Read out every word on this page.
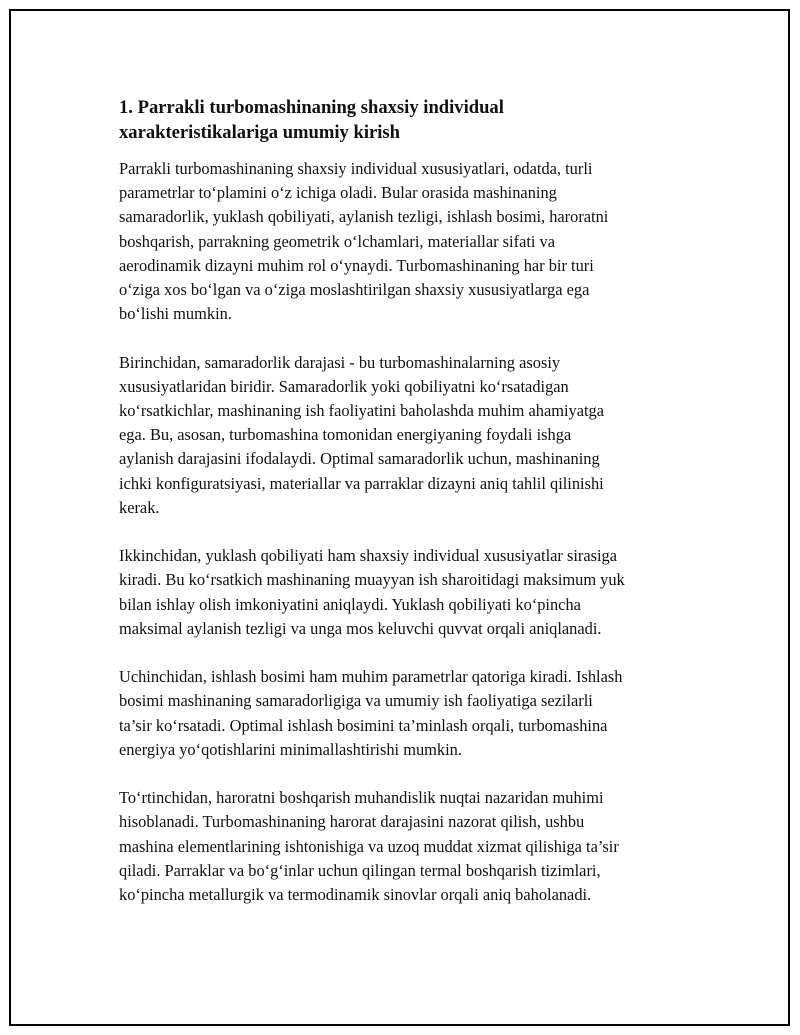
1. Parrakli turbomashinaning shaxsiy individual
xarakteristikalariga umumiy kirish

Parrakli turbomashinaning shaxsiy individual xususiyatlari, odatda, turli
parametrlar to‘plamini o‘z ichiga oladi. Bular orasida mashinaning
samaradorlik, yuklash qobiliyati, aylanish tezligi, ishlash bosimi, haroratni
boshqarish, parrakning geometrik o‘lchamlari, materiallar sifati va
aerodinamik dizayni muhim rol o‘ynaydi. Turbomashinaning har bir turi
o‘ziga xos bo‘lgan va o‘ziga moslashtirilgan shaxsiy xususiyatlarga ega
bo‘lishi mumkin.

Birinchidan, samaradorlik darajasi - bu turbomashinalarning asosiy
xususiyatlaridan biridir. Samaradorlik yoki qobiliyatni ko‘rsatadigan
ko‘rsatkichlar, mashinaning ish faoliyatini baholashda muhim ahamiyatga
ega. Bu, asosan, turbomashina tomonidan energiyaning foydali ishga
aylanish darajasini ifodalaydi. Optimal samaradorlik uchun, mashinaning
ichki konfiguratsiyasi, materiallar va parraklar dizayni aniq tahlil qilinishi
kerak.

Ikkinchidan, yuklash qobiliyati ham shaxsiy individual xususiyatlar sirasiga
kiradi. Bu ko‘rsatkich mashinaning muayyan ish sharoitidagi maksimum yuk
bilan ishlay olish imkoniyatini aniqlaydi. Yuklash qobiliyati ko‘pincha
maksimal aylanish tezligi va unga mos keluvchi quvvat orqali aniqlanadi.

Uchinchidan, ishlash bosimi ham muhim parametrlar qatoriga kiradi. Ishlash
bosimi mashinaning samaradorligiga va umumiy ish faoliyatiga sezilarli
ta’sir ko‘rsatadi. Optimal ishlash bosimini ta’minlash orqali, turbomashina
energiya yo‘qotishlarini minimallashtirishi mumkin.

To‘rtinchidan, haroratni boshqarish muhandislik nuqtai nazaridan muhimi
hisoblanadi. Turbomashinaning harorat darajasini nazorat qilish, ushbu
mashina elementlarining ishtonishiga va uzoq muddat xizmat qilishiga ta’sir
qiladi. Parraklar va bo‘g‘inlar uchun qilingan termal boshqarish tizimlari,
ko‘pincha metallurgik va termodinamik sinovlar orqali aniq baholanadi.
